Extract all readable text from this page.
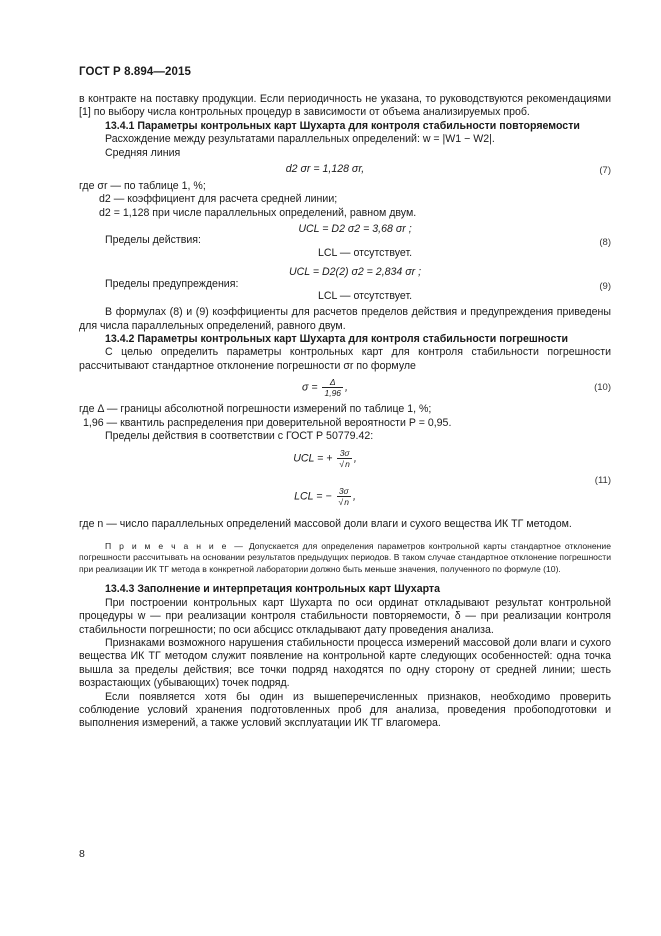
ГОСТ Р 8.894—2015

в контракте на поставку продукции. Если периодичность не указана, то руководствуются рекомендациями [1] по выбору числа контрольных процедур в зависимости от объема анализируемых проб.

13.4.1 Параметры контрольных карт Шухарта для контроля стабильности повторяемости

Расхождение между результатами параллельных определений: w = |W1 − W2|.

Средняя линия

d2 σr = 1,128 σr,	(7)

где σr — по таблице 1, %;

d2 — коэффициент для расчета средней линии;

d2 = 1,128 при числе параллельных определений, равном двум.

UCL = D2 σ2 = 3,68 σr ;
Пределы действия:	(8)
LCL — отсутствует.
UCL = D2(2) σ2 = 2,834 σr ;
Пределы предупреждения:	(9)
LCL — отсутствует.

В формулах (8) и (9) коэффициенты для расчетов пределов действия и предупреждения приведены для числа параллельных определений, равного двум.

13.4.2 Параметры контрольных карт Шухарта для контроля стабильности погрешности

С целью определить параметры контрольных карт для контроля стабильности погрешности рассчитывают стандартное отклонение погрешности σr по формуле

$\sigma = \frac{\Delta}{1,96}$ ,	(10)

где Δ — границы абсолютной погрешности измерений по таблице 1, %;

1,96 — квантиль распределения при доверительной вероятности P = 0,95.

Пределы действия в соответствии с ГОСТ Р 50779.42:

UCL = + $\frac{3\sigma}{√n}$ ,
(11)
LCL = − $\frac{3\sigma}{√n}$ ,

где n — число параллельных определений массовой доли влаги и сухого вещества ИК ТГ методом.

П р и м е ч а н и е — Допускается для определения параметров контрольной карты стандартное отклонение погрешности рассчитывать на основании результатов предыдущих периодов. В таком случае стандартное отклонение погрешности при реализации ИК ТГ метода в конкретной лаборатории должно быть меньше значения, полученного по формуле (10).

13.4.3 Заполнение и интерпретация контрольных карт Шухарта

При построении контрольных карт Шухарта по оси ординат откладывают результат контрольной процедуры w — при реализации контроля стабильности повторяемости, δ — при реализации контроля стабильности погрешности; по оси абсцисс откладывают дату проведения анализа.

Признаками возможного нарушения стабильности процесса измерений массовой доли влаги и сухого вещества ИК ТГ методом служит появление на контрольной карте следующих особенностей: одна точка вышла за пределы действия; все точки подряд находятся по одну сторону от средней линии; шесть возрастающих (убывающих) точек подряд.

Если появляется хотя бы один из вышеперечисленных признаков, необходимо проверить соблюдение условий хранения подготовленных проб для анализа, проведения пробоподготовки и выполнения измерений, а также условий эксплуатации ИК ТГ влагомера.

8
